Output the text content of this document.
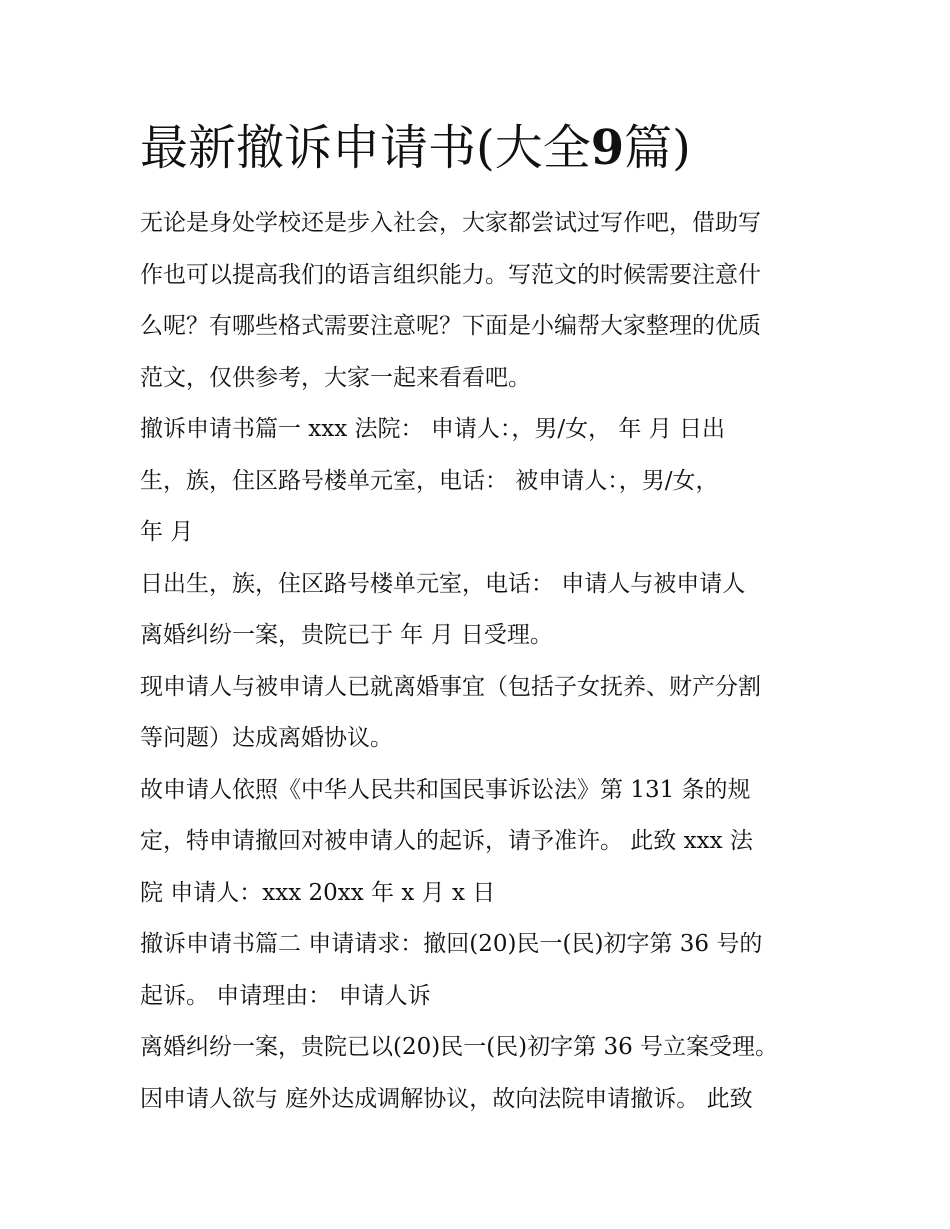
最新撤诉申请书(大全9篇)
无论是身处学校还是步入社会，大家都尝试过写作吧，借助写
作也可以提高我们的语言组织能力。写范文的时候需要注意什
么呢？有哪些格式需要注意呢？下面是小编帮大家整理的优质
范文，仅供参考，大家一起来看看吧。
撤诉申请书篇一 xxx 法院： 申请人：，男/女， 年 月 日出
生，族，住区路号楼单元室，电话： 被申请人：，男/女，
年 月
日出生，族，住区路号楼单元室，电话： 申请人与被申请人
离婚纠纷一案，贵院已于 年 月 日受理。
现申请人与被申请人已就离婚事宜（包括子女抚养、财产分割
等问题）达成离婚协议。
故申请人依照《中华人民共和国民事诉讼法》第 131 条的规
定，特申请撤回对被申请人的起诉，请予准许。 此致 xxx 法
院 申请人：xxx 20xx 年 x 月 x 日
撤诉申请书篇二 申请请求：撤回(20)民一(民)初字第 36 号的
起诉。 申请理由： 申请人诉
离婚纠纷一案，贵院已以(20)民一(民)初字第 36 号立案受理。
因申请人欲与 庭外达成调解协议，故向法院申请撤诉。 此致
